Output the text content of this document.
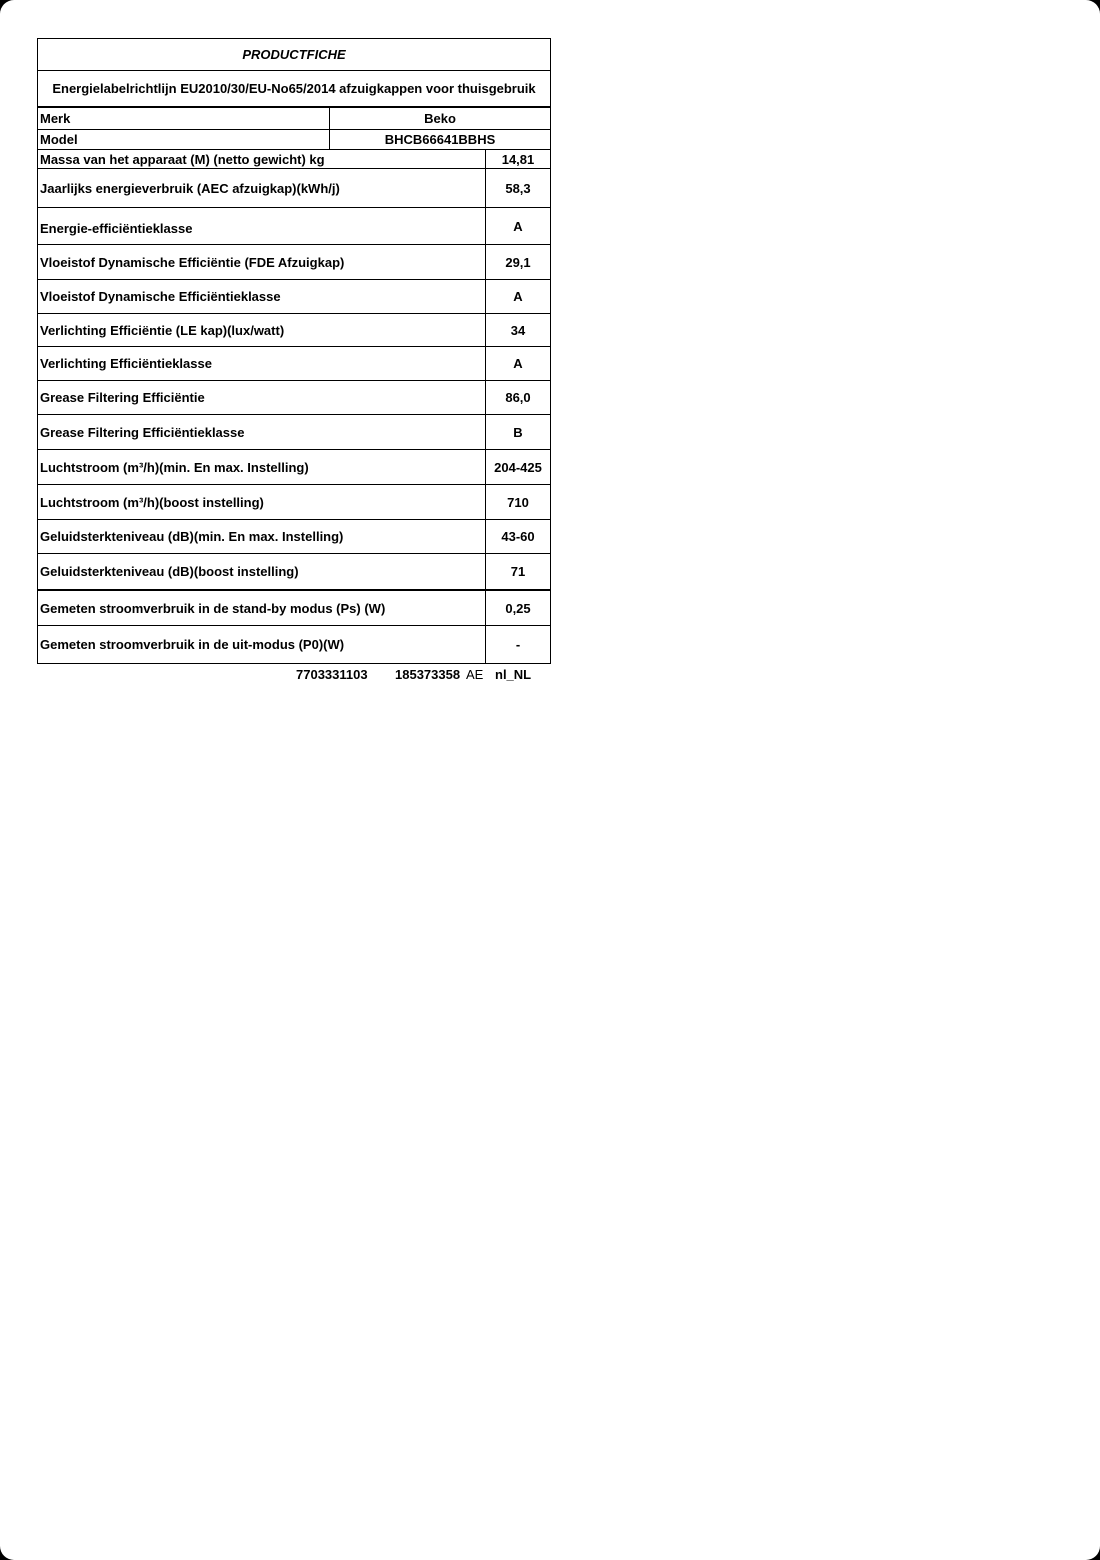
PRODUCTFICHE
Energielabelrichtlijn EU2010/30/EU-No65/2014 afzuigkappen voor thuisgebruik
Merk	Beko
Model	BHCB66641BBHS
Massa van het apparaat (M) (netto gewicht) kg	14,81
Jaarlijks energieverbruik (AEC afzuigkap)(kWh/j)	58,3
Energie-efficiëntieklasse	A
Vloeistof Dynamische Efficiëntie (FDE Afzuigkap)	29,1
Vloeistof Dynamische Efficiëntieklasse	A
Verlichting Efficiëntie (LE kap)(lux/watt)	34
Verlichting Efficiëntieklasse	A
Grease Filtering Efficiëntie	86,0
Grease Filtering Efficiëntieklasse	B
Luchtstroom (m³/h)(min. En max. Instelling)	204-425
Luchtstroom (m³/h)(boost instelling)	710
Geluidsterkteniveau (dB)(min. En max. Instelling)	43-60
Geluidsterkteniveau (dB)(boost instelling)	71
Gemeten stroomverbruik in de stand-by modus (Ps) (W)	0,25
Gemeten stroomverbruik in de uit-modus (P0)(W)	-
7703331103 185373358 AE nl_NL
